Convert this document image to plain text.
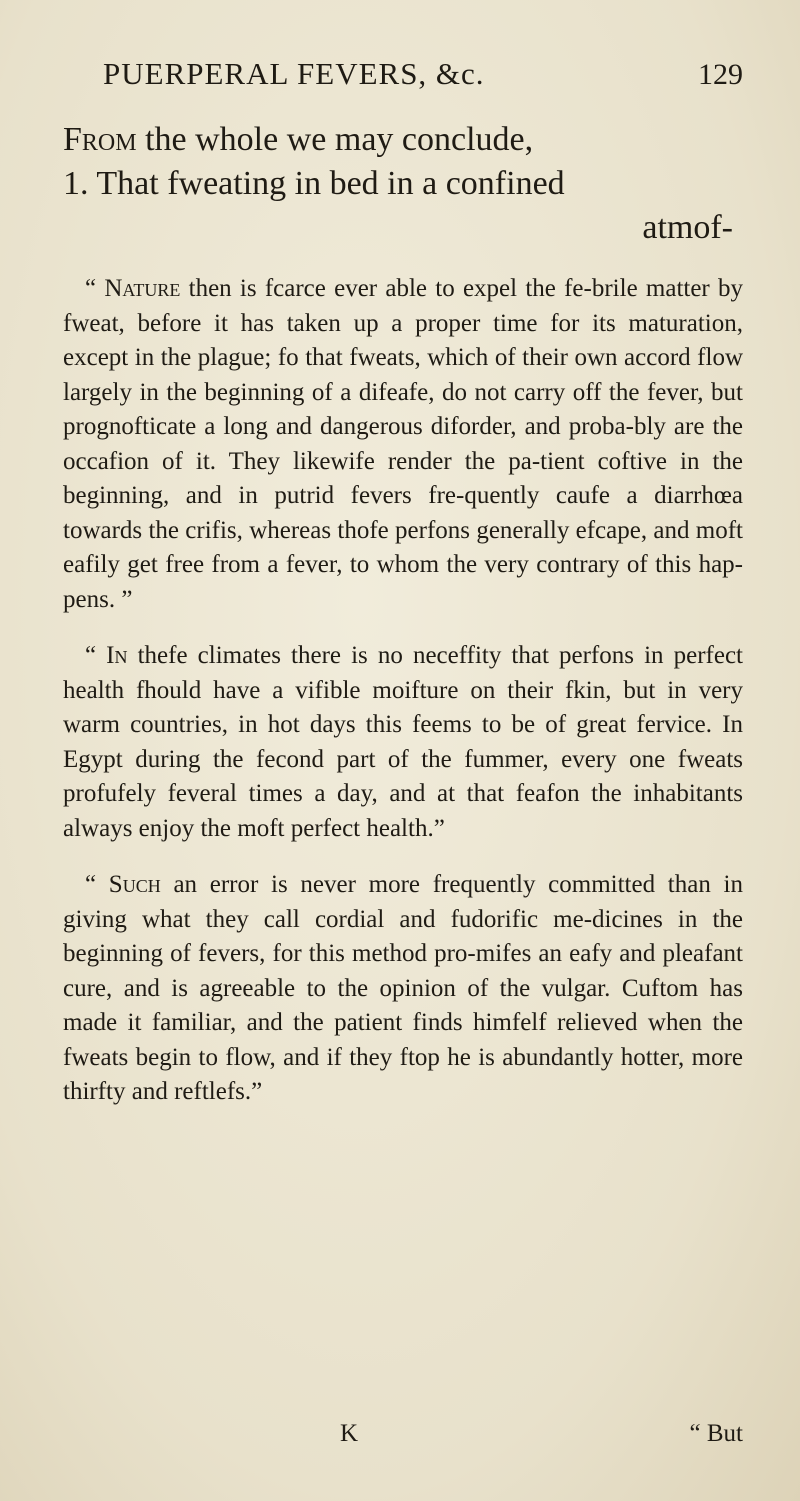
PUERPERAL FEVERS, &c.	129

From the whole we may conclude,
1. That fweating in bed in a confined

atmof-

“ Nature then is fcarce ever able to expel the fe-brile matter by fweat, before it has taken up a proper time for its maturation, except in the plague; fo that fweats, which of their own accord flow largely in the beginning of a difeafe, do not carry off the fever, but prognofticate a long and dangerous diforder, and proba-bly are the occafion of it. They likewife render the pa-tient coftive in the beginning, and in putrid fevers fre-quently caufe a diarrhœa towards the crifis, whereas thofe perfons generally efcape, and moft eafily get free from a fever, to whom the very contrary of this hap-pens. ”

“ In thefe climates there is no neceffity that perfons in perfect health fhould have a vifible moifture on their fkin, but in very warm countries, in hot days this feems to be of great fervice. In Egypt during the fecond part of the fummer, every one fweats profufely feveral times a day, and at that feafon the inhabitants always enjoy the moft perfect health.”

“ Such an error is never more frequently committed than in giving what they call cordial and fudorific me-dicines in the beginning of fevers, for this method pro-mifes an eafy and pleafant cure, and is agreeable to the opinion of the vulgar. Cuftom has made it familiar, and the patient finds himfelf relieved when the fweats begin to flow, and if they ftop he is abundantly hotter, more thirfty and reftlefs.”

K	“ But
